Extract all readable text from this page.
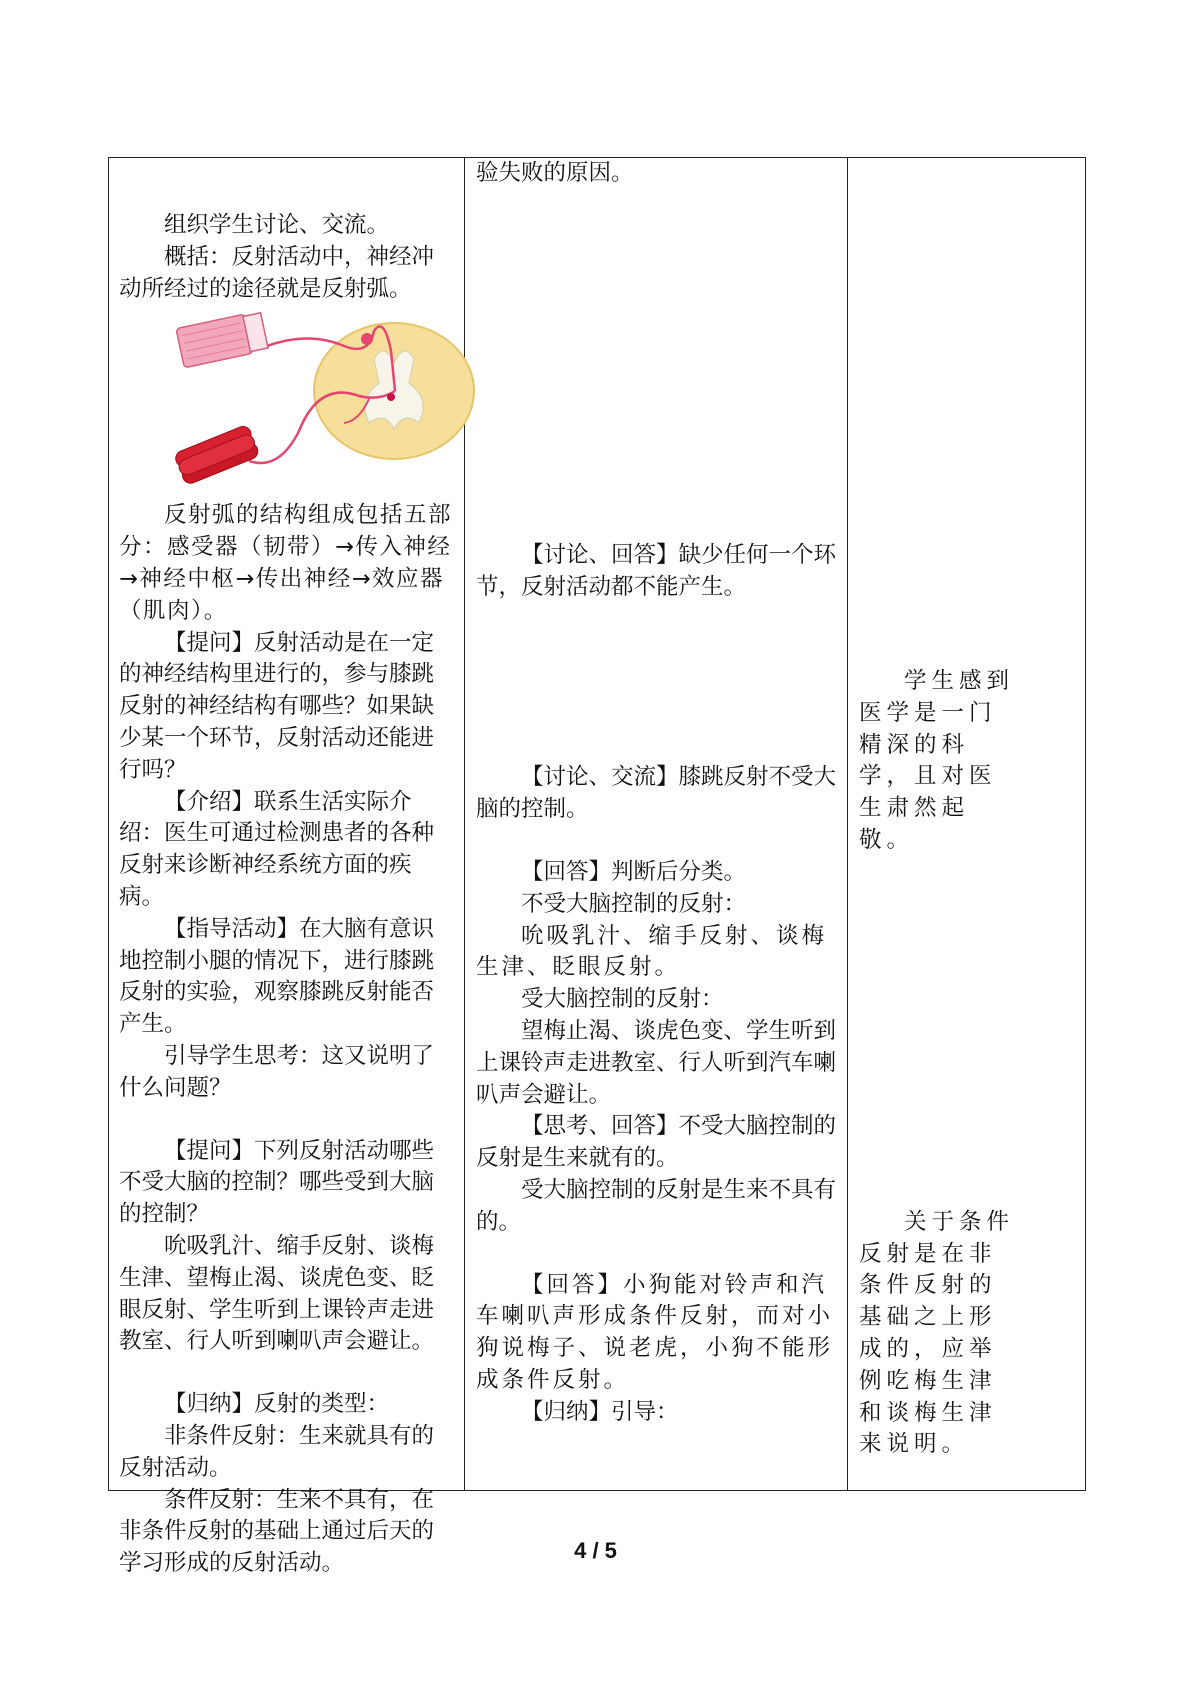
组织学生讨论、交流。

概括：反射活动中，神经冲动所经过的途径就是反射弧。

反射弧的结构组成包括五部分：感受器（韧带）→传入神经→神经中枢→传出神经→效应器（肌肉）。

【提问】反射活动是在一定的神经结构里进行的，参与膝跳反射的神经结构有哪些？如果缺少某一个环节，反射活动还能进行吗？

【介绍】联系生活实际介绍：医生可通过检测患者的各种反射来诊断神经系统方面的疾病。

【指导活动】在大脑有意识地控制小腿的情况下，进行膝跳反射的实验，观察膝跳反射能否产生。

引导学生思考：这又说明了什么问题？

【提问】下列反射活动哪些不受大脑的控制？哪些受到大脑的控制？

吮吸乳汁、缩手反射、谈梅生津、望梅止渴、谈虎色变、眨眼反射、学生听到上课铃声走进教室、行人听到喇叭声会避让。

【归纳】反射的类型：

非条件反射：生来就具有的反射活动。

条件反射：生来不具有，在非条件反射的基础上通过后天的学习形成的反射活动。

验失败的原因。

【讨论、回答】缺少任何一个环节，反射活动都不能产生。

【讨论、交流】膝跳反射不受大脑的控制。

【回答】判断后分类。

不受大脑控制的反射：

吮吸乳汁、缩手反射、谈梅生津、眨眼反射。

受大脑控制的反射：

望梅止渴、谈虎色变、学生听到上课铃声走进教室、行人听到汽车喇叭声会避让。

【思考、回答】不受大脑控制的反射是生来就有的。

受大脑控制的反射是生来不具有的。

【回答】小狗能对铃声和汽车喇叭声形成条件反射，而对小狗说梅子、说老虎，小狗不能形成条件反射。

【归纳】引导：

学生感到医学是一门精深的科学，且对医生肃然起敬。

关于条件反射是在非条件反射的基础之上形成的，应举例吃梅生津和谈梅生津来说明。

4 / 5
